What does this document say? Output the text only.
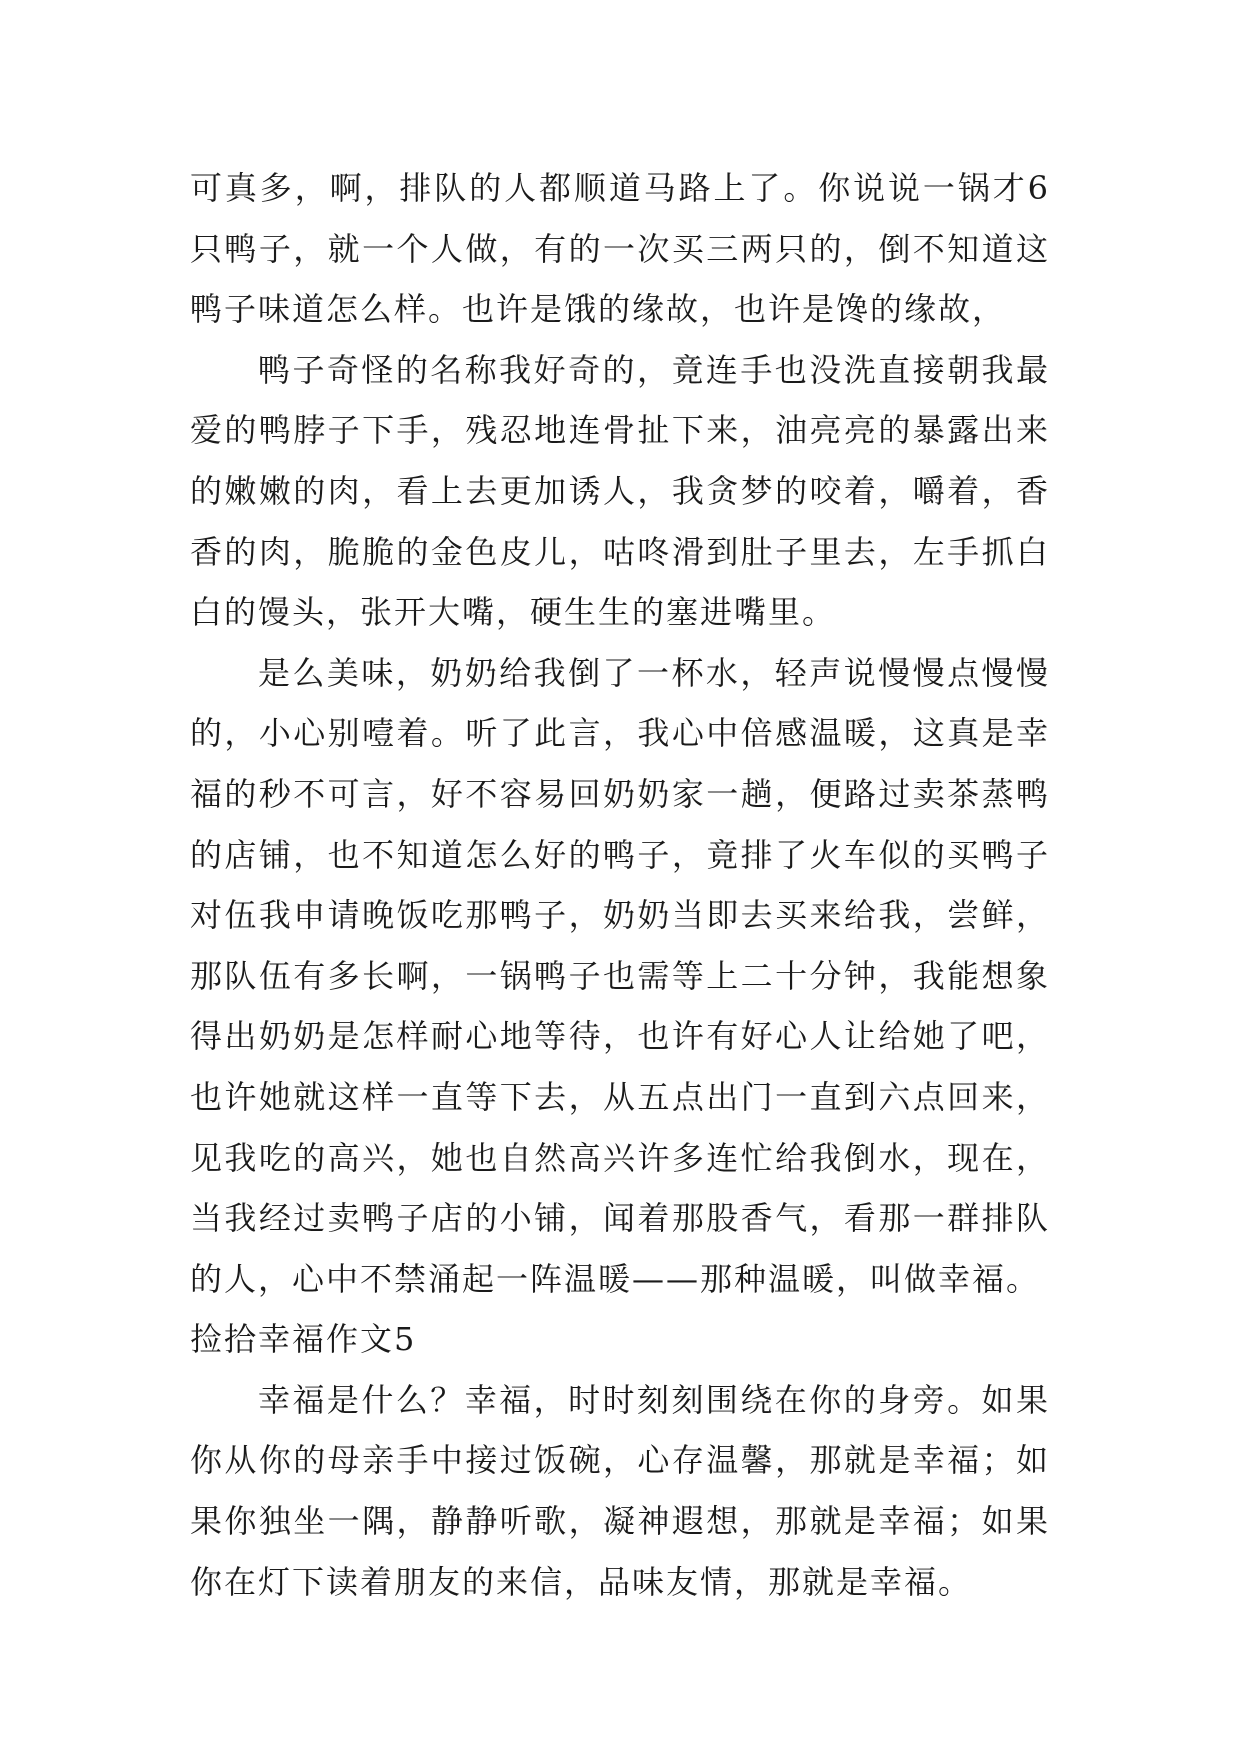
可真多，啊，排队的人都顺道马路上了。你说说一锅才6只鸭子，就一个人做，有的一次买三两只的，倒不知道这鸭子味道怎么样。也许是饿的缘故，也许是馋的缘故，

鸭子奇怪的名称我好奇的，竟连手也没洗直接朝我最爱的鸭脖子下手，残忍地连骨扯下来，油亮亮的暴露出来的嫩嫩的肉，看上去更加诱人，我贪梦的咬着，嚼着，香香的肉，脆脆的金色皮儿，咕咚滑到肚子里去，左手抓白白的馒头，张开大嘴，硬生生的塞进嘴里。

是么美味，奶奶给我倒了一杯水，轻声说慢慢点慢慢的，小心别噎着。听了此言，我心中倍感温暖，这真是幸福的秒不可言，好不容易回奶奶家一趟，便路过卖茶蒸鸭的店铺，也不知道怎么好的鸭子，竟排了火车似的买鸭子对伍我申请晚饭吃那鸭子，奶奶当即去买来给我，尝鲜，那队伍有多长啊，一锅鸭子也需等上二十分钟，我能想象得出奶奶是怎样耐心地等待，也许有好心人让给她了吧，也许她就这样一直等下去，从五点出门一直到六点回来，见我吃的高兴，她也自然高兴许多连忙给我倒水，现在，当我经过卖鸭子店的小铺，闻着那股香气，看那一群排队的人，心中不禁涌起一阵温暖——那种温暖，叫做幸福。

捡拾幸福作文5

幸福是什么？幸福，时时刻刻围绕在你的身旁。如果你从你的母亲手中接过饭碗，心存温馨，那就是幸福；如果你独坐一隅，静静听歌，凝神遐想，那就是幸福；如果你在灯下读着朋友的来信，品味友情，那就是幸福。
